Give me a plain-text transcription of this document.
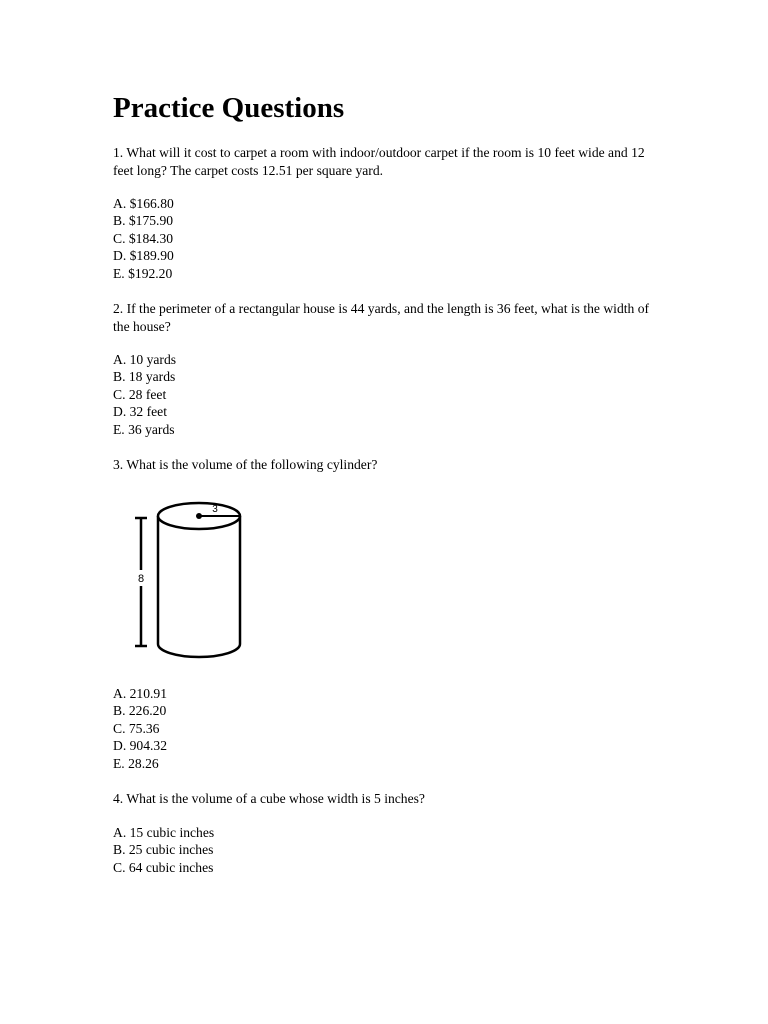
Practice Questions

1. What will it cost to carpet a room with indoor/outdoor carpet if the room is 10 feet wide and 12 feet long? The carpet costs 12.51 per square yard.

A. $166.80
B. $175.90
C. $184.30
D. $189.90
E. $192.20

2. If the perimeter of a rectangular house is 44 yards, and the length is 36 feet, what is the width of the house?

A. 10 yards
B. 18 yards
C. 28 feet
D. 32 feet
E. 36 yards

3. What is the volume of the following cylinder?

8
3
A. 210.91
B. 226.20
C. 75.36
D. 904.32
E. 28.26

4. What is the volume of a cube whose width is 5 inches?

A. 15 cubic inches
B. 25 cubic inches
C. 64 cubic inches
